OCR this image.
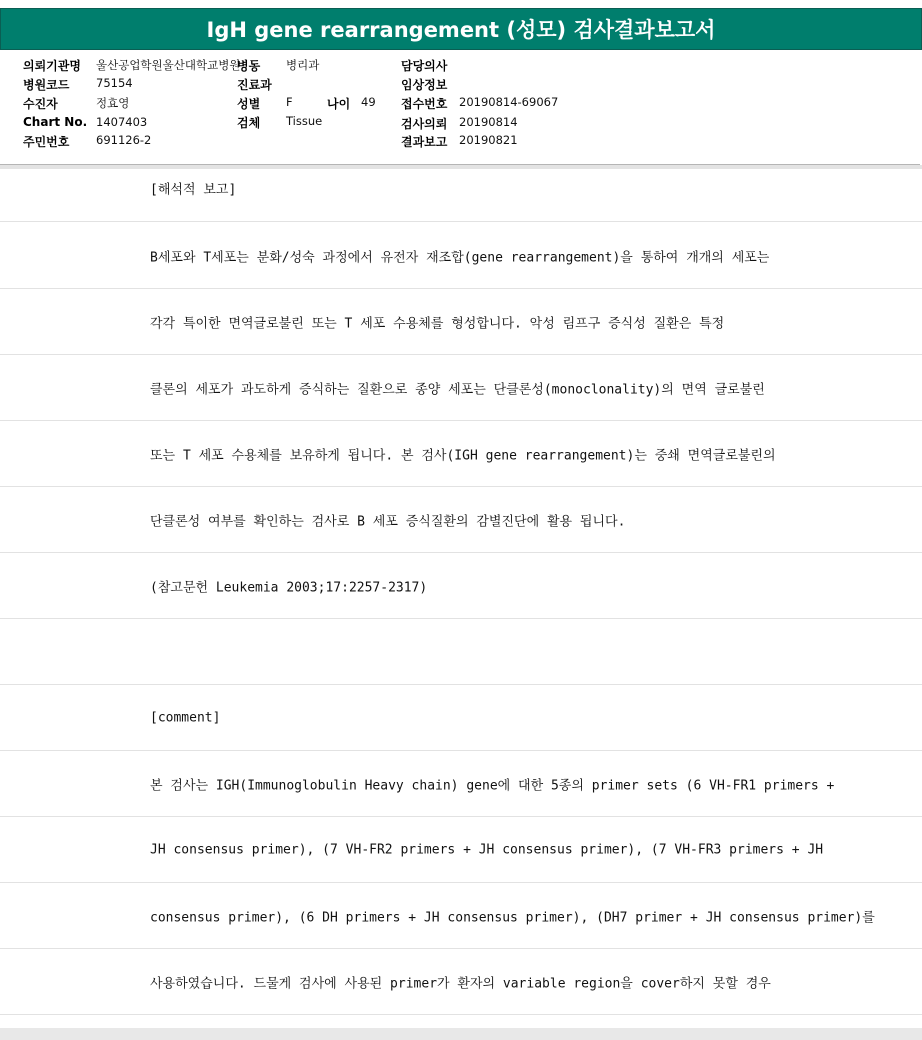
IgH gene rearrangement (성모) 검사결과보고서
의뢰기관명 울산공업학원울산대학교병원
병원코드 75154
수진자	정효영
Chart No. 1407403
주민번호 691126-2
병동 병리과
진료과
성별 F	나이 49
검체 Tissue
담당의사
임상정보
접수번호 20190814-69067
검사의뢰 20190814
결과보고 20190821
[해석적 보고]
B세포와 T세포는 분화/성숙 과정에서 유전자 재조합(gene rearrangement)을 통하여 개개의 세포는
각각 특이한 면역글로불린 또는 T 세포 수용체를 형성합니다. 악성 림프구 증식성 질환은 특정
클론의 세포가 과도하게 증식하는 질환으로 종양 세포는 단클론성(monoclonality)의 면역 글로불린
또는 T 세포 수용체를 보유하게 됩니다. 본 검사(IGH gene rearrangement)는 중쇄 면역글로불린의
단클론성 여부를 확인하는 검사로 B 세포 증식질환의 감별진단에 활용 됩니다.
(참고문헌 Leukemia 2003;17:2257-2317)
[comment]
본 검사는 IGH(Immunoglobulin Heavy chain) gene에 대한 5종의 primer sets (6 VH-FR1 primers +
JH consensus primer), (7 VH-FR2 primers + JH consensus primer), (7 VH-FR3 primers + JH
consensus primer), (6 DH primers + JH consensus primer), (DH7 primer + JH consensus primer)를
사용하였습니다. 드물게 검사에 사용된 primer가 환자의 variable region을 cover하지 못할 경우
